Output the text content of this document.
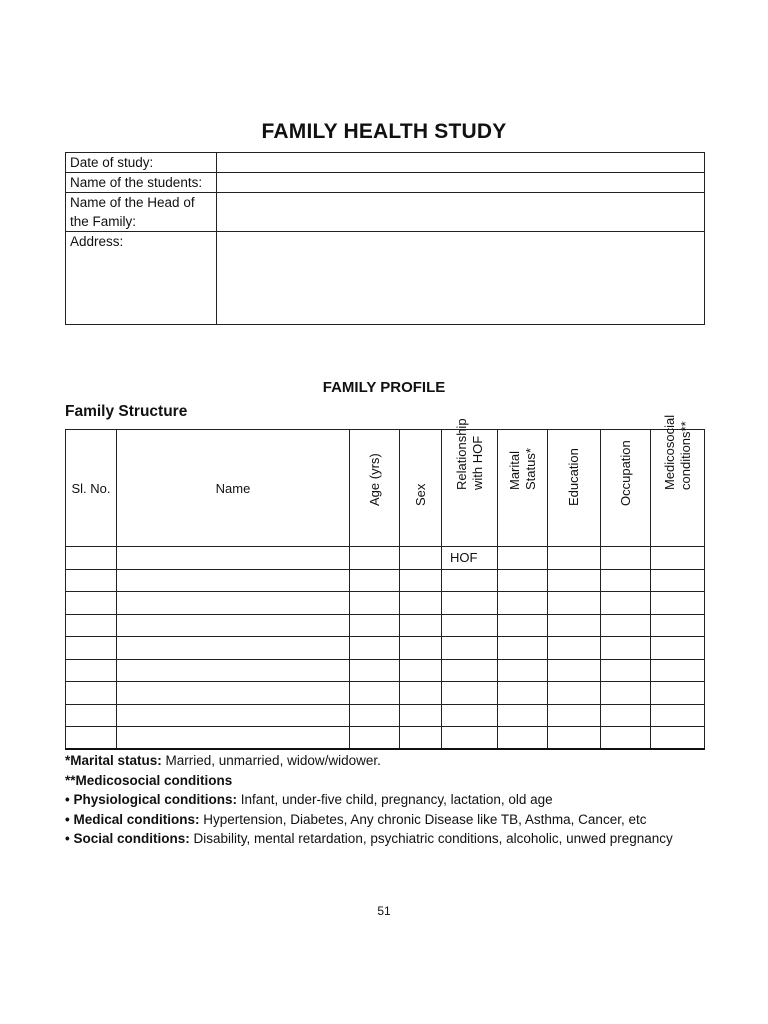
FAMILY HEALTH STUDY
Date of study:	
Name of the students:	
Name of the Head of
the Family:	
Address:	
FAMILY PROFILE
Family Structure
Sl. No.	Name	Age (yrs)	Sex	Relationship with HOF	Marital Status*	Education	Occupation	Medicosocial conditions**

				HOF				

*Marital status: Married, unmarried, widow/widower.
**Medicosocial conditions
• Physiological conditions: Infant, under-five child, pregnancy, lactation, old age
• Medical conditions: Hypertension, Diabetes, Any chronic Disease like TB, Asthma, Cancer, etc
• Social conditions: Disability, mental retardation, psychiatric conditions, alcoholic, unwed pregnancy
51
